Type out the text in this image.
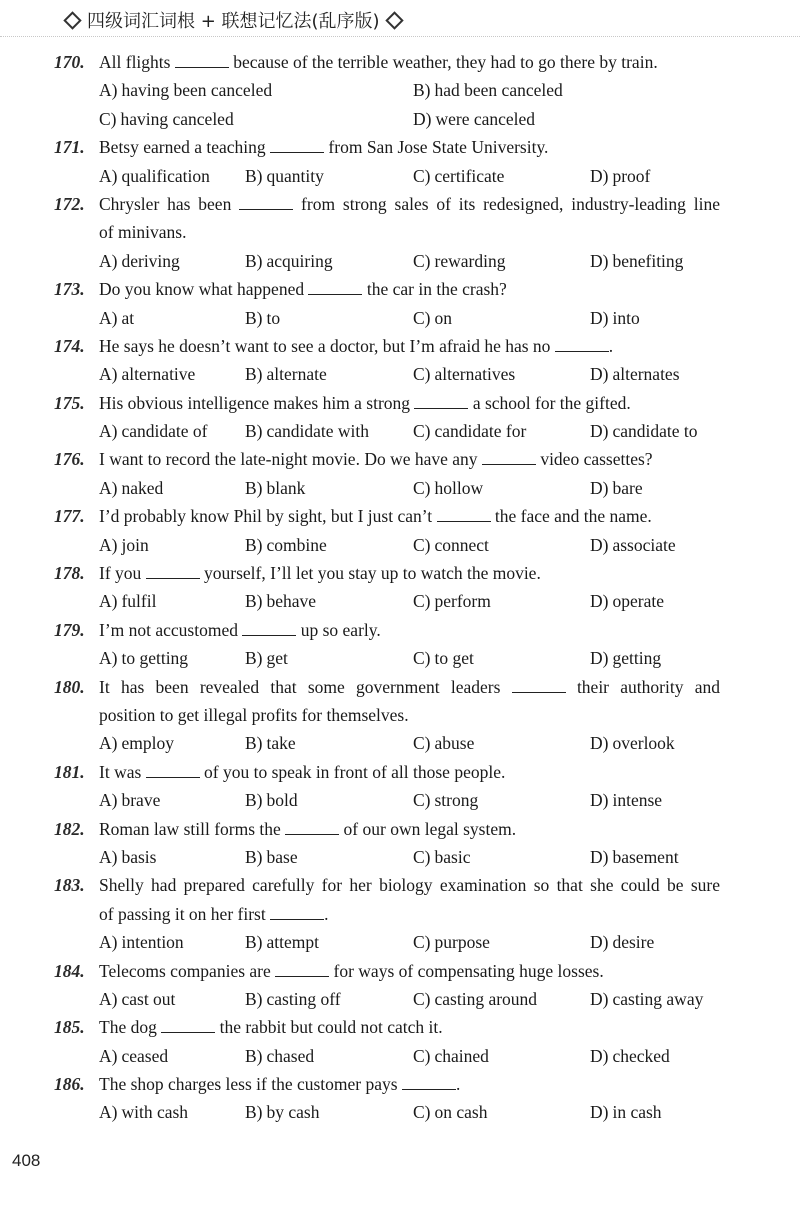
四级词汇词根 + 联想记忆法(乱序版)
170. All flights	because of the terrible weather, they had to go there by train.
A) having been canceled	B) had been canceled
C) having canceled	D) were canceled
171. Betsy earned a teaching	from San Jose State University.
A) qualification B) quantity	C) certificate	D) proof
172. Chrysler has been	from strong sales of its redesigned, industry-leading line
of minivans.
A) deriving	B) acquiring	C) rewarding	D) benefiting
173. Do you know what happened	the car in the crash?
A) at	B) to	C) on	D) into
174. He says he doesn’t want to see a doctor, but I’m afraid he has no	.
A) alternative	B) alternate	C) alternatives	D) alternates
175. His obvious intelligence makes him a strong	a school for the gifted.
A) candidate of B) candidate with	C) candidate for	D) candidate to
176. I want to record the late-night movie. Do we have any	video cassettes?
A) naked	B) blank	C) hollow	D) bare
177. I’d probably know Phil by sight, but I just can’t	the face and the name.
A) join	B) combine	C) connect	D) associate
178. If you	yourself, I’ll let you stay up to watch the movie.
A) fulfil	B) behave	C) perform	D) operate
179. I’m not accustomed	up so early.
A) to getting	B) get	C) to get	D) getting
180. It has been revealed that some government leaders	their authority and
position to get illegal profits for themselves.
A) employ	B) take	C) abuse	D) overlook
181. It was	of you to speak in front of all those people.
A) brave	B) bold	C) strong	D) intense
182. Roman law still forms the	of our own legal system.
A) basis	B) base	C) basic	D) basement
183. Shelly had prepared carefully for her biology examination so that she could be sure
of passing it on her first	.
A) intention	B) attempt	C) purpose	D) desire
184. Telecoms companies are	for ways of compensating huge losses.
A) cast out	B) casting off	C) casting around	D) casting away
185. The dog	the rabbit but could not catch it.
A) ceased	B) chased	C) chained	D) checked
186. The shop charges less if the customer pays	.
A) with cash	B) by cash	C) on cash	D) in cash
408
